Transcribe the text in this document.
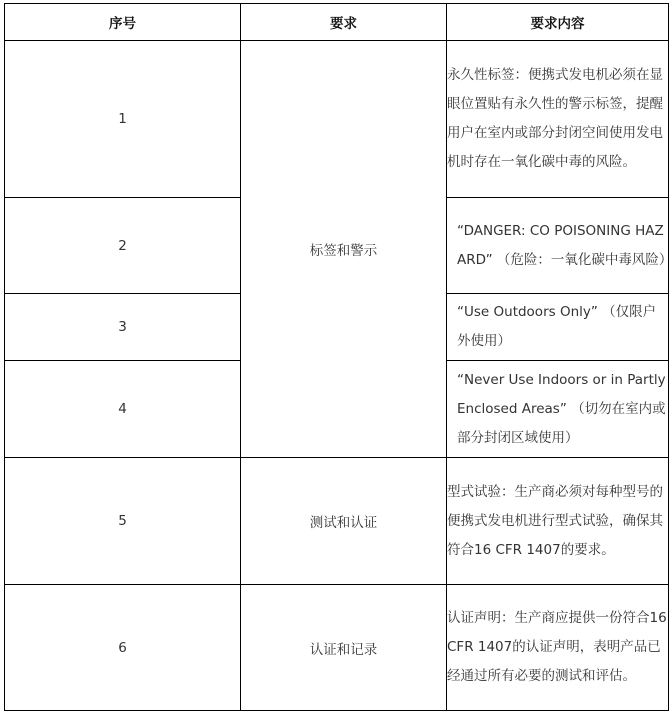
序号	要求	要求内容
1	标签和警示	永久性标签：便携式发电机必须在显眼位置贴有永久性的警示标签，提醒用户在室内或部分封闭空间使用发电机时存在一氧化碳中毒的风险。
2		“DANGER: CO POISONING HAZARD” （危险：一氧化碳中毒风险）
3		“Use Outdoors Only” （仅限户外使用）
4		“Never Use Indoors or in Partly Enclosed Areas” （切勿在室内或部分封闭区域使用）
5	测试和认证	型式试验：生产商必须对每种型号的便携式发电机进行型式试验，确保其符合16 CFR 1407的要求。
6	认证和记录	认证声明：生产商应提供一份符合16 CFR 1407的认证声明，表明产品已经通过所有必要的测试和评估。
